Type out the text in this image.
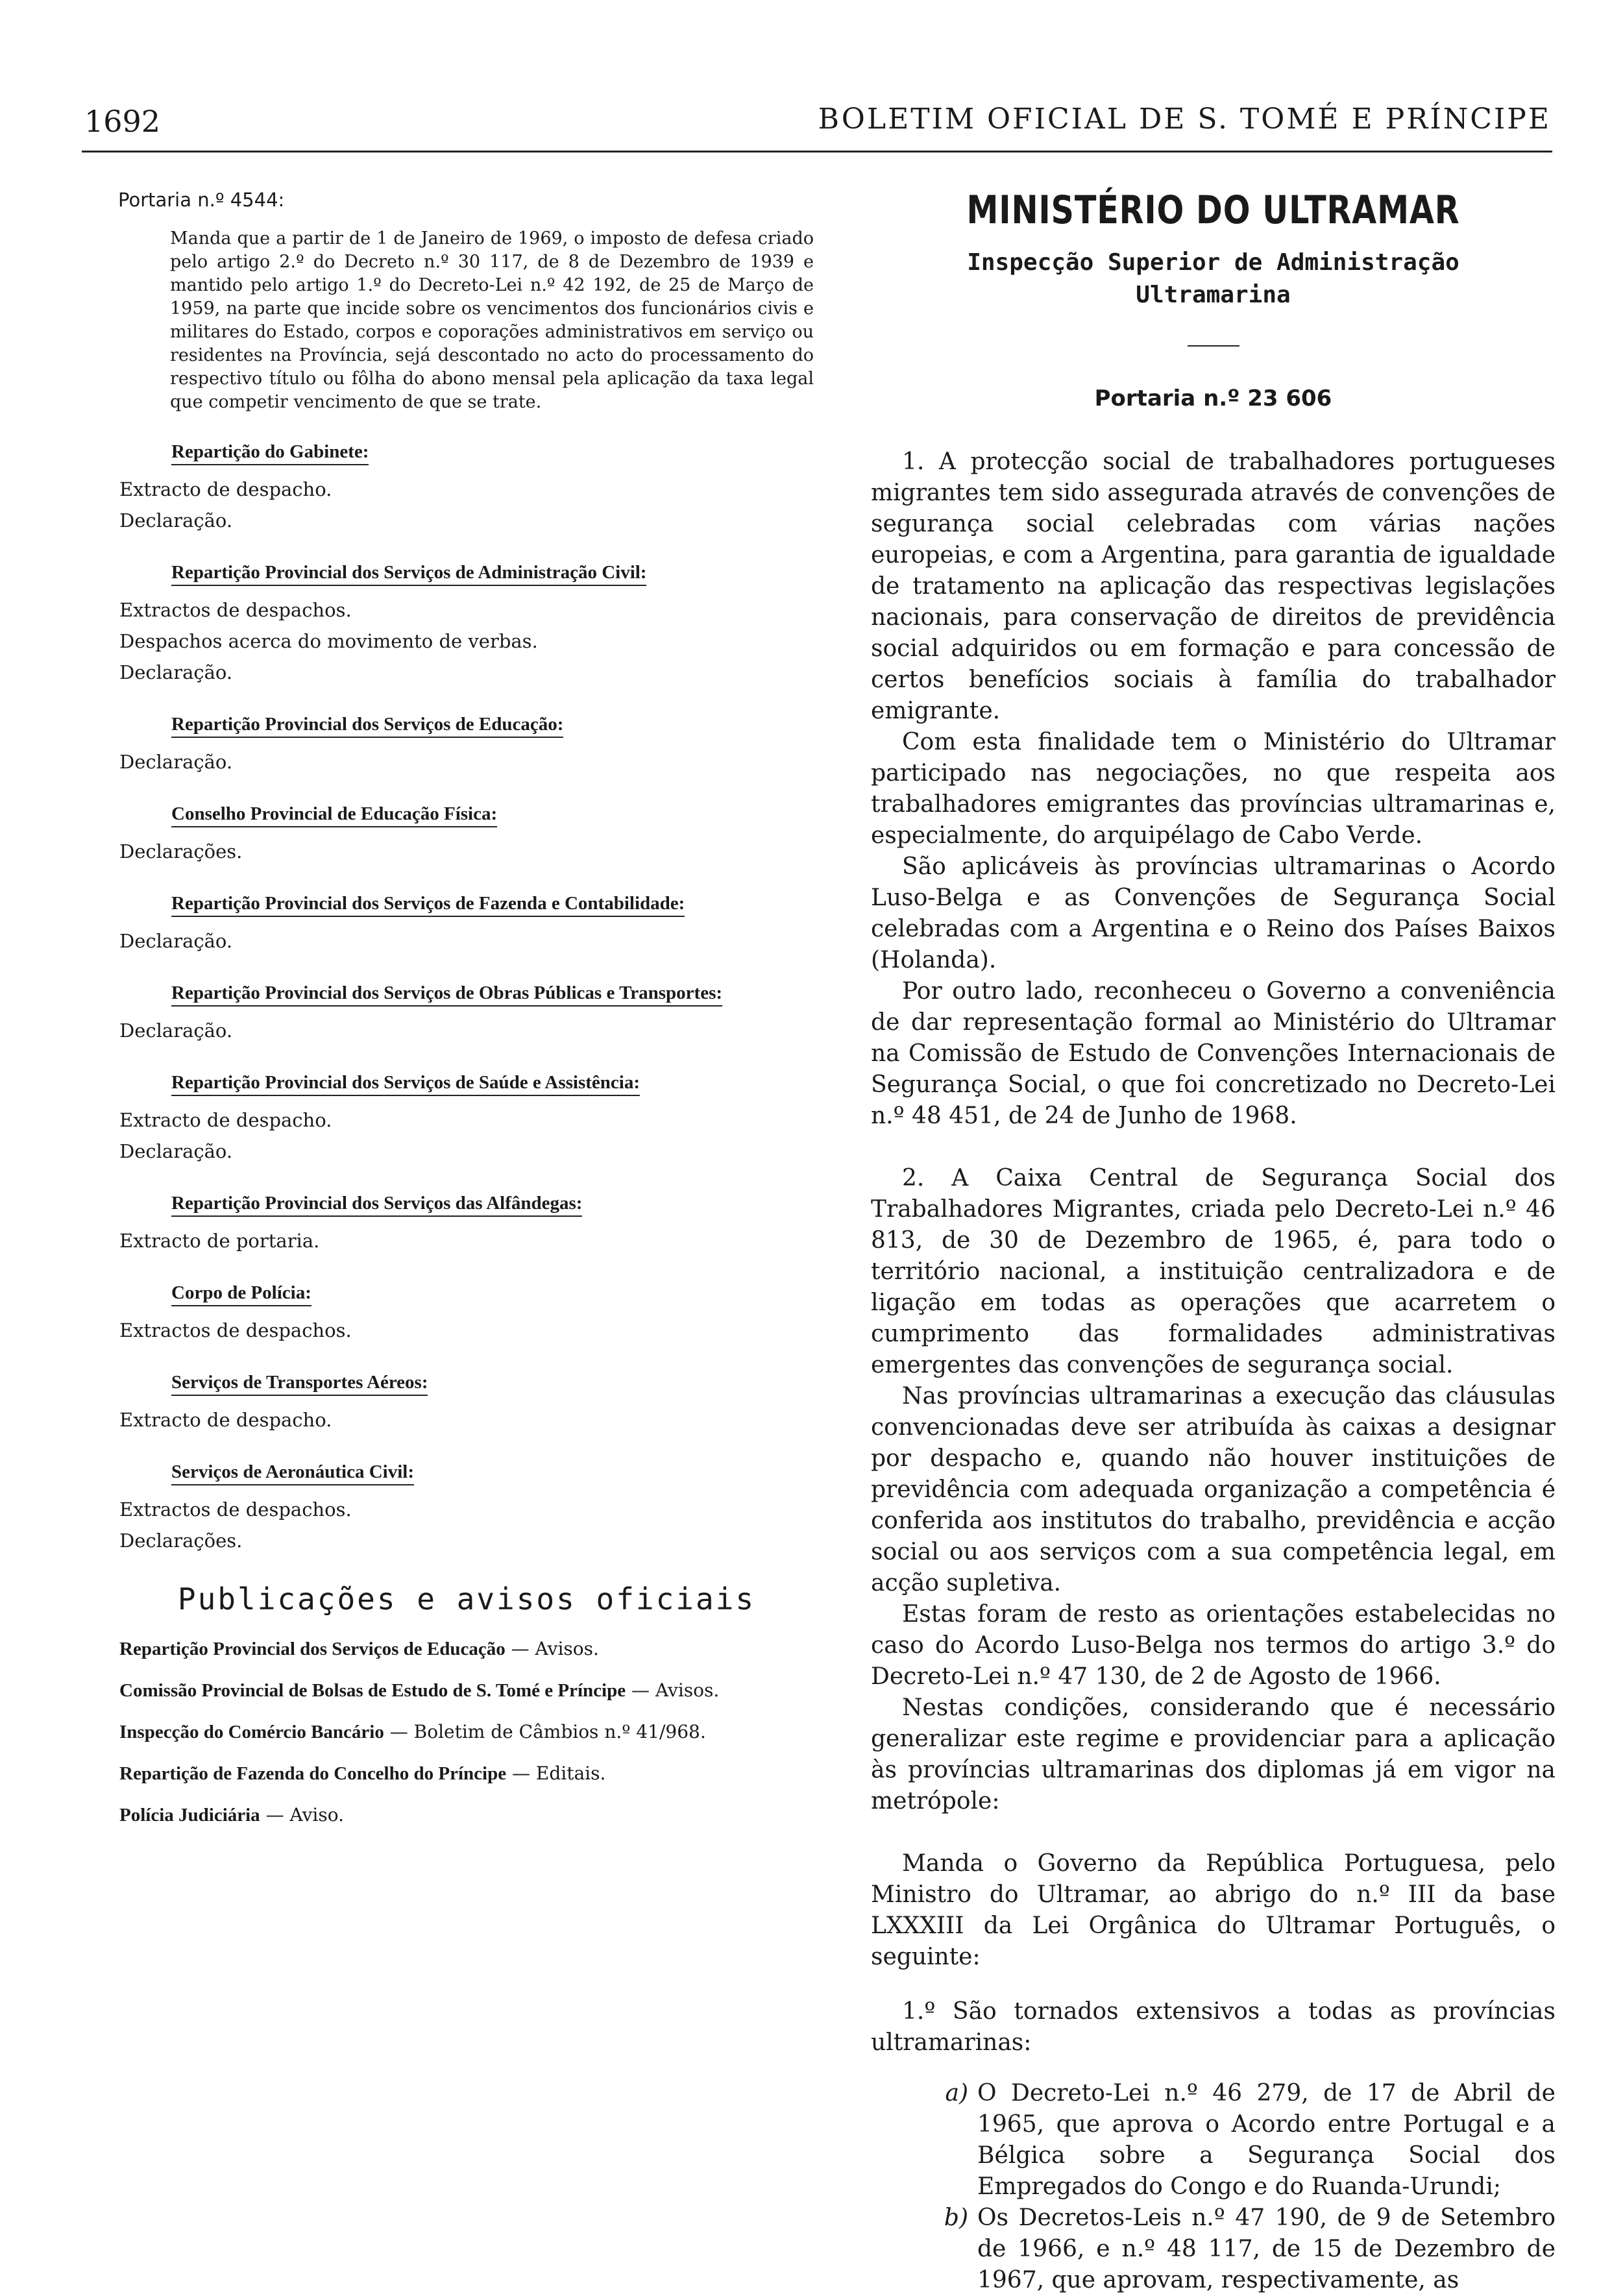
1692	BOLETIM OFICIAL DE S. TOMÉ E PRÍNCIPE
Portaria n.º 4544:
Manda que a partir de 1 de Janeiro de 1969, o imposto de defesa criado pelo artigo 2.º do Decreto n.º 30 117, de 8 de Dezembro de 1939 e mantido pelo artigo 1.º do Decreto-Lei n.º 42 192, de 25 de Março de 1959, na parte que incide sobre os vencimentos dos funcionários civis e militares do Estado, corpos e coporações administrativos em serviço ou residentes na Província, sejá descontado no acto do processamento do respectivo título ou fôlha do abono mensal pela aplicação da taxa legal que competir vencimento de que se trate.
Repartição do Gabinete:
Extracto de despacho.
Declaração.
Repartição Provincial dos Serviços de Administração Civil:
Extractos de despachos.
Despachos acerca do movimento de verbas.
Declaração.
Repartição Provincial dos Serviços de Educação:
Declaração.
Conselho Provincial de Educação Física:
Declarações.
Repartição Provincial dos Serviços de Fazenda e Contabilidade:
Declaração.
Repartição Provincial dos Serviços de Obras Públicas e Transportes:
Declaração.
Repartição Provincial dos Serviços de Saúde e Assistência:
Extracto de despacho.
Declaração.
Repartição Provincial dos Serviços das Alfândegas:
Extracto de portaria.
Corpo de Polícia:
Extractos de despachos.
Serviços de Transportes Aéreos:
Extracto de despacho.
Serviços de Aeronáutica Civil:
Extractos de despachos.
Declarações.
Publicações e avisos oficiais
Repartição Provincial dos Serviços de Educação — Avisos.
Comissão Provincial de Bolsas de Estudo de S. Tomé e Príncipe — Avisos.
Inspecção do Comércio Bancário — Boletim de Câmbios n.º 41/968.
Repartição de Fazenda do Concelho do Príncipe — Editais.
Polícia Judiciária — Aviso.
MINISTÉRIO DO ULTRAMAR
Inspecção Superior de Administração
Ultramarina
Portaria n.º 23 606

1. A protecção social de trabalhadores portugueses migrantes tem sido assegurada através de convenções de segurança social celebradas com várias nações europeias, e com a Argentina, para garantia de igualdade de tratamento na aplicação das respectivas legislações nacionais, para conservação de direitos de previdência social adquiridos ou em formação e para concessão de certos benefícios sociais à família do trabalhador emigrante.

Com esta finalidade tem o Ministério do Ultramar participado nas negociações, no que respeita aos trabalhadores emigrantes das províncias ultramarinas e, especialmente, do arquipélago de Cabo Verde.

São aplicáveis às províncias ultramarinas o Acordo Luso-Belga e as Convenções de Segurança Social celebradas com a Argentina e o Reino dos Países Baixos (Holanda).

Por outro lado, reconheceu o Governo a conveniência de dar representação formal ao Ministério do Ultramar na Comissão de Estudo de Convenções Internacionais de Segurança Social, o que foi concretizado no Decreto-Lei n.º 48 451, de 24 de Junho de 1968.

2. A Caixa Central de Segurança Social dos Trabalhadores Migrantes, criada pelo Decreto-Lei n.º 46 813, de 30 de Dezembro de 1965, é, para todo o território nacional, a instituição centralizadora e de ligação em todas as operações que acarretem o cumprimento das formalidades administrativas emergentes das convenções de segurança social.

Nas províncias ultramarinas a execução das cláusulas convencionadas deve ser atribuída às caixas a designar por despacho e, quando não houver instituições de previdência com adequada organização a competência é conferida aos institutos do trabalho, previdência e acção social ou aos serviços com a sua competência legal, em acção supletiva.

Estas foram de resto as orientações estabelecidas no caso do Acordo Luso-Belga nos termos do artigo 3.º do Decreto-Lei n.º 47 130, de 2 de Agosto de 1966.

Nestas condições, considerando que é necessário generalizar este regime e providenciar para a aplicação às províncias ultramarinas dos diplomas já em vigor na metrópole:

Manda o Governo da República Portuguesa, pelo Ministro do Ultramar, ao abrigo do n.º III da base LXXXIII da Lei Orgânica do Ultramar Português, o seguinte:

1.º São tornados extensivos a todas as províncias ultramarinas:

a) O Decreto-Lei n.º 46 279, de 17 de Abril de 1965, que aprova o Acordo entre Portugal e a Bélgica sobre a Segurança Social dos Empregados do Congo e do Ruanda-Urundi;
b) Os Decretos-Leis n.º 47 190, de 9 de Setembro de 1966, e n.º 48 117, de 15 de Dezembro de 1967, que aprovam, respectivamente, as
